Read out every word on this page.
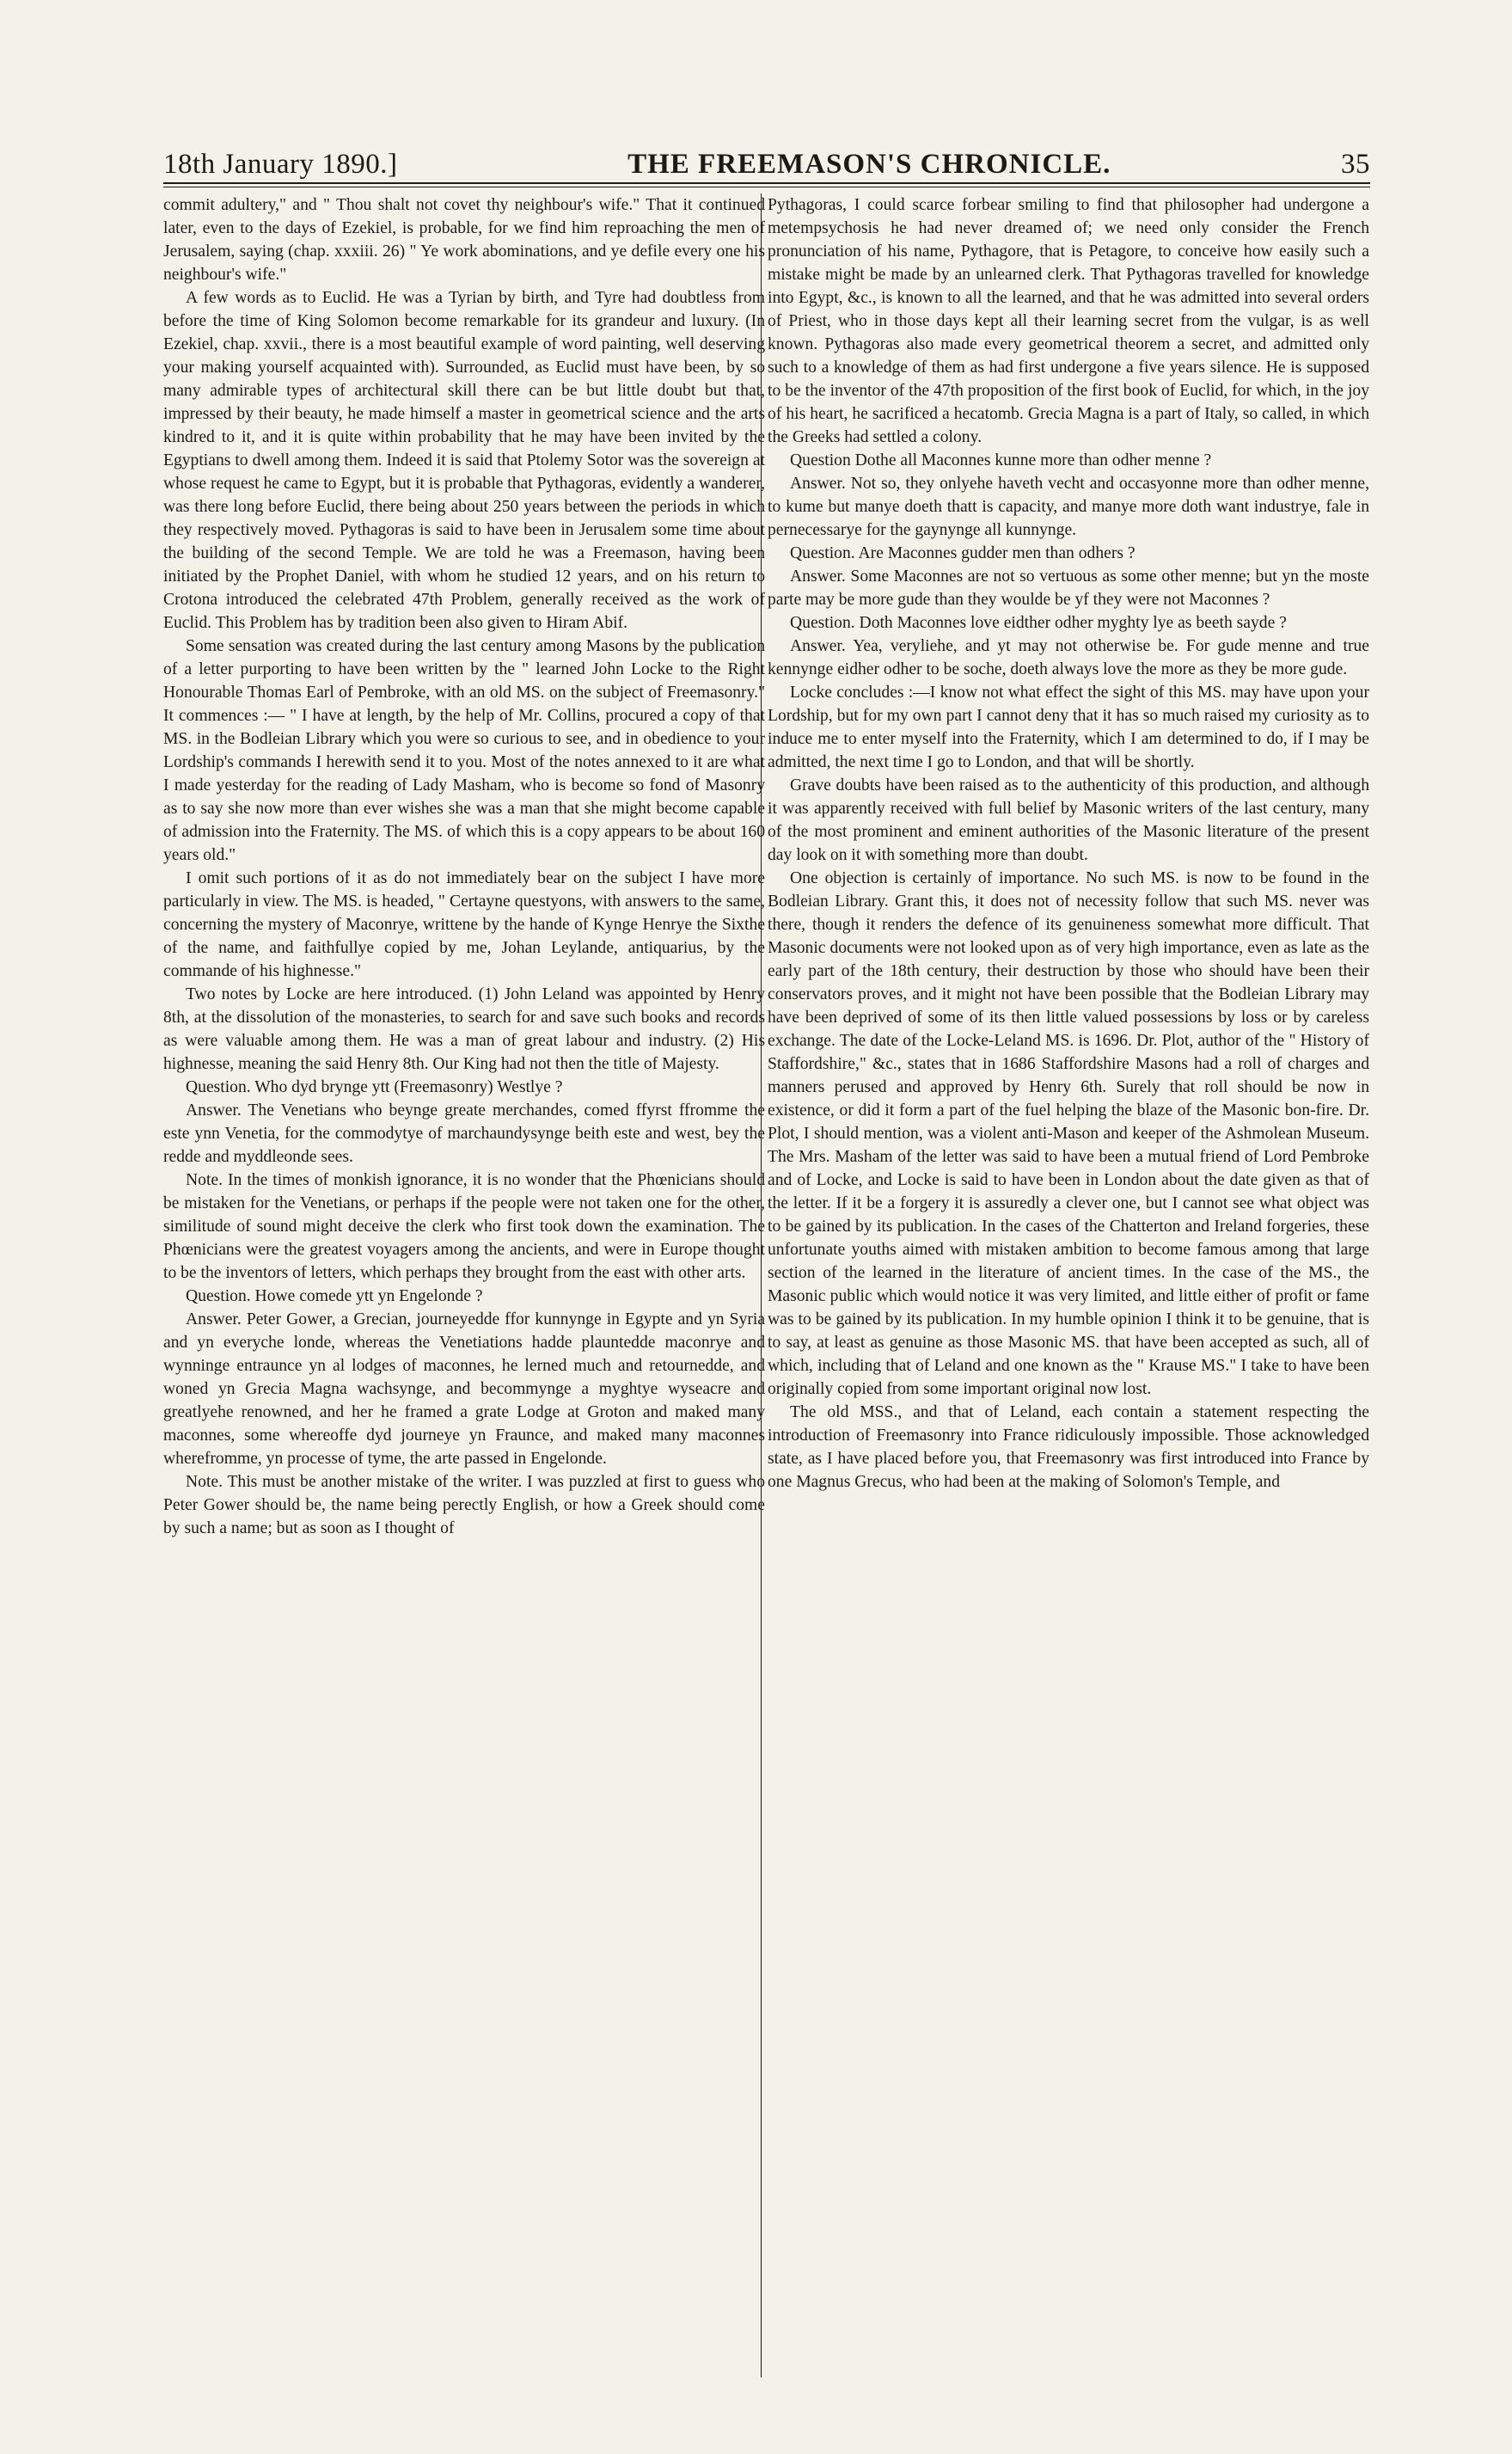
18th January 1890.]	THE FREEMASON'S CHRONICLE.	35

commit adultery," and " Thou shalt not covet thy neighbour's wife." That it continued later, even to the days of Ezekiel, is probable, for we find him reproaching the men of Jerusalem, saying (chap. xxxiii. 26) " Ye work abominations, and ye defile every one his neighbour's wife."

A few words as to Euclid. He was a Tyrian by birth, and Tyre had doubtless from before the time of King Solomon become remarkable for its grandeur and luxury. (In Ezekiel, chap. xxvii., there is a most beautiful example of word painting, well deserving your making yourself acquainted with). Surrounded, as Euclid must have been, by so many admirable types of architectural skill there can be but little doubt but that, impressed by their beauty, he made himself a master in geometrical science and the arts kindred to it, and it is quite within probability that he may have been invited by the Egyptians to dwell among them. Indeed it is said that Ptolemy Sotor was the sovereign at whose request he came to Egypt, but it is probable that Pythagoras, evidently a wanderer, was there long before Euclid, there being about 250 years between the periods in which they respectively moved. Pythagoras is said to have been in Jerusalem some time about the building of the second Temple. We are told he was a Freemason, having been initiated by the Prophet Daniel, with whom he studied 12 years, and on his return to Crotona introduced the celebrated 47th Problem, generally received as the work of Euclid. This Problem has by tradition been also given to Hiram Abif.

Some sensation was created during the last century among Masons by the publication of a letter purporting to have been written by the " learned John Locke to the Right Honourable Thomas Earl of Pembroke, with an old MS. on the subject of Freemasonry." It commences :— " I have at length, by the help of Mr. Collins, procured a copy of that MS. in the Bodleian Library which you were so curious to see, and in obedience to your Lordship's commands I herewith send it to you. Most of the notes annexed to it are what I made yesterday for the reading of Lady Masham, who is become so fond of Masonry as to say she now more than ever wishes she was a man that she might become capable of admission into the Fraternity. The MS. of which this is a copy appears to be about 160 years old."

I omit such portions of it as do not immediately bear on the subject I have more particularly in view. The MS. is headed, " Certayne questyons, with answers to the same, concerning the mystery of Maconrye, writtene by the hande of Kynge Henrye the Sixthe of the name, and faithfullye copied by me, Johan Leylande, antiquarius, by the commande of his highnesse."

Two notes by Locke are here introduced. (1) John Leland was appointed by Henry 8th, at the dissolution of the monasteries, to search for and save such books and records as were valuable among them. He was a man of great labour and industry. (2) His highnesse, meaning the said Henry 8th. Our King had not then the title of Majesty.

Question. Who dyd brynge ytt (Freemasonry) Westlye ?

Answer. The Venetians who beynge greate merchandes, comed ffyrst ffromme the este ynn Venetia, for the commodytye of marchaundysynge beith este and west, bey the redde and myddleonde sees.

Note. In the times of monkish ignorance, it is no wonder that the Phœnicians should be mistaken for the Venetians, or perhaps if the people were not taken one for the other, similitude of sound might deceive the clerk who first took down the examination. The Phœnicians were the greatest voyagers among the ancients, and were in Europe thought to be the inventors of letters, which perhaps they brought from the east with other arts.

Question. Howe comede ytt yn Engelonde ?

Answer. Peter Gower, a Grecian, journeyedde ffor kunnynge in Egypte and yn Syria and yn everyche londe, whereas the Venetiations hadde plauntedde maconrye and wynninge entraunce yn al lodges of maconnes, he lerned much and retournedde, and woned yn Grecia Magna wachsynge, and becommynge a myghtye wyseacre and greatlyehe renowned, and her he framed a grate Lodge at Groton and maked many maconnes, some whereoffe dyd journeye yn Fraunce, and maked many maconnes wherefromme, yn processe of tyme, the arte passed in Engelonde.

Note. This must be another mistake of the writer. I was puzzled at first to guess who Peter Gower should be, the name being perectly English, or how a Greek should come by such a name; but as soon as I thought of

Pythagoras, I could scarce forbear smiling to find that philosopher had undergone a metempsychosis he had never dreamed of; we need only consider the French pronunciation of his name, Pythagore, that is Petagore, to conceive how easily such a mistake might be made by an unlearned clerk. That Pythagoras travelled for knowledge into Egypt, &c., is known to all the learned, and that he was admitted into several orders of Priest, who in those days kept all their learning secret from the vulgar, is as well known. Pythagoras also made every geometrical theorem a secret, and admitted only such to a knowledge of them as had first undergone a five years silence. He is supposed to be the inventor of the 47th proposition of the first book of Euclid, for which, in the joy of his heart, he sacrificed a hecatomb. Grecia Magna is a part of Italy, so called, in which the Greeks had settled a colony.

Question Dothe all Maconnes kunne more than odher menne ?

Answer. Not so, they onlyehe haveth vecht and occasyonne more than odher menne, to kume but manye doeth thatt is capacity, and manye more doth want industrye, fale in pernecessarye for the gaynynge all kunnynge.

Question. Are Maconnes gudder men than odhers ?

Answer. Some Maconnes are not so vertuous as some other menne; but yn the moste parte may be more gude than they woulde be yf they were not Maconnes ?

Question. Doth Maconnes love eidther odher myghty lye as beeth sayde ?

Answer. Yea, veryliehe, and yt may not otherwise be. For gude menne and true kennynge eidher odher to be soche, doeth always love the more as they be more gude.

Locke concludes :—I know not what effect the sight of this MS. may have upon your Lordship, but for my own part I cannot deny that it has so much raised my curiosity as to induce me to enter myself into the Fraternity, which I am determined to do, if I may be admitted, the next time I go to London, and that will be shortly.

Grave doubts have been raised as to the authenticity of this production, and although it was apparently received with full belief by Masonic writers of the last century, many of the most prominent and eminent authorities of the Masonic literature of the present day look on it with something more than doubt.

One objection is certainly of importance. No such MS. is now to be found in the Bodleian Library. Grant this, it does not of necessity follow that such MS. never was there, though it renders the defence of its genuineness somewhat more difficult. That Masonic documents were not looked upon as of very high importance, even as late as the early part of the 18th century, their destruction by those who should have been their conservators proves, and it might not have been possible that the Bodleian Library may have been deprived of some of its then little valued possessions by loss or by careless exchange. The date of the Locke-Leland MS. is 1696. Dr. Plot, author of the " History of Staffordshire," &c., states that in 1686 Staffordshire Masons had a roll of charges and manners perused and approved by Henry 6th. Surely that roll should be now in existence, or did it form a part of the fuel helping the blaze of the Masonic bon-fire. Dr. Plot, I should mention, was a violent anti-Mason and keeper of the Ashmolean Museum. The Mrs. Masham of the letter was said to have been a mutual friend of Lord Pembroke and of Locke, and Locke is said to have been in London about the date given as that of the letter. If it be a forgery it is assuredly a clever one, but I cannot see what object was to be gained by its publication. In the cases of the Chatterton and Ireland forgeries, these unfortunate youths aimed with mistaken ambition to become famous among that large section of the learned in the literature of ancient times. In the case of the MS., the Masonic public which would notice it was very limited, and little either of profit or fame was to be gained by its publication. In my humble opinion I think it to be genuine, that is to say, at least as genuine as those Masonic MS. that have been accepted as such, all of which, including that of Leland and one known as the " Krause MS." I take to have been originally copied from some important original now lost.

The old MSS., and that of Leland, each contain a statement respecting the introduction of Freemasonry into France ridiculously impossible. Those acknowledged state, as I have placed before you, that Freemasonry was first introduced into France by one Magnus Grecus, who had been at the making of Solomon's Temple, and
